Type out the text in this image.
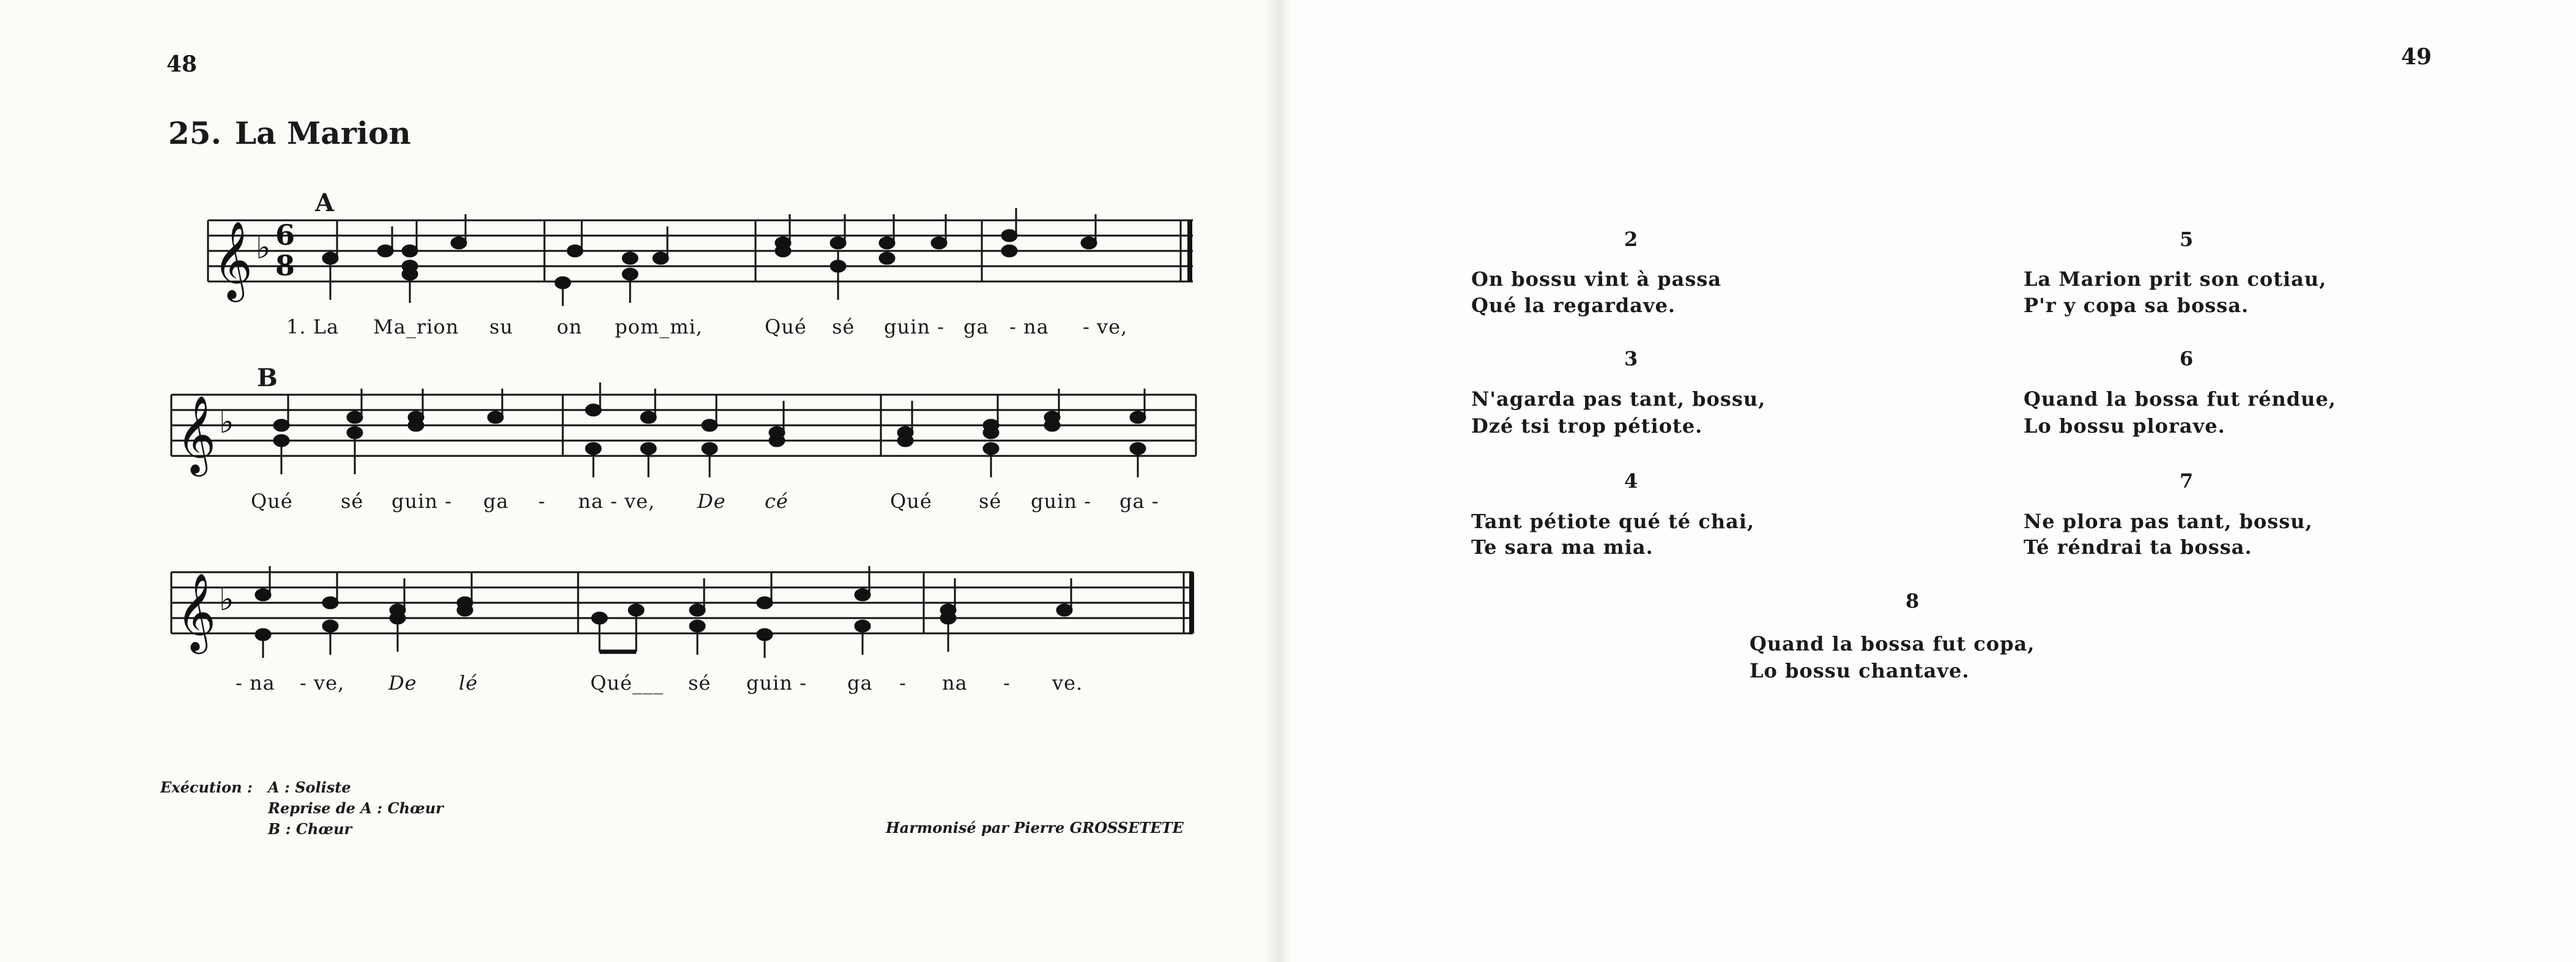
48
25. La Marion
A
B
𝄞 ♭ 6
8
1. La Ma_rion su on pom_mi,	Qué sé guin - ga - na - ve,
𝄞 ♭
Qué sé guin - ga - na - ve, De cé	Qué sé guin - ga -
𝄞 ♭
- na - ve, De lé	Qué___ sé guin - ga - na - ve.
Exécution : A : Soliste
Reprise de A : Chœur
B : Chœur	Harmonisé par Pierre GROSSETETE
49
2
On bossu vint à passa
Qué la regardave.
3
N'agarda pas tant, bossu,
Dzé tsi trop pétiote.
4
Tant pétiote qué té chai,
Te sara ma mia.
5
La Marion prit son cotiau,
P'r y copa sa bossa.
6
Quand la bossa fut réndue,
Lo bossu plorave.
7
Ne plora pas tant, bossu,
Té réndrai ta bossa.
8
Quand la bossa fut copa,
Lo bossu chantave.
